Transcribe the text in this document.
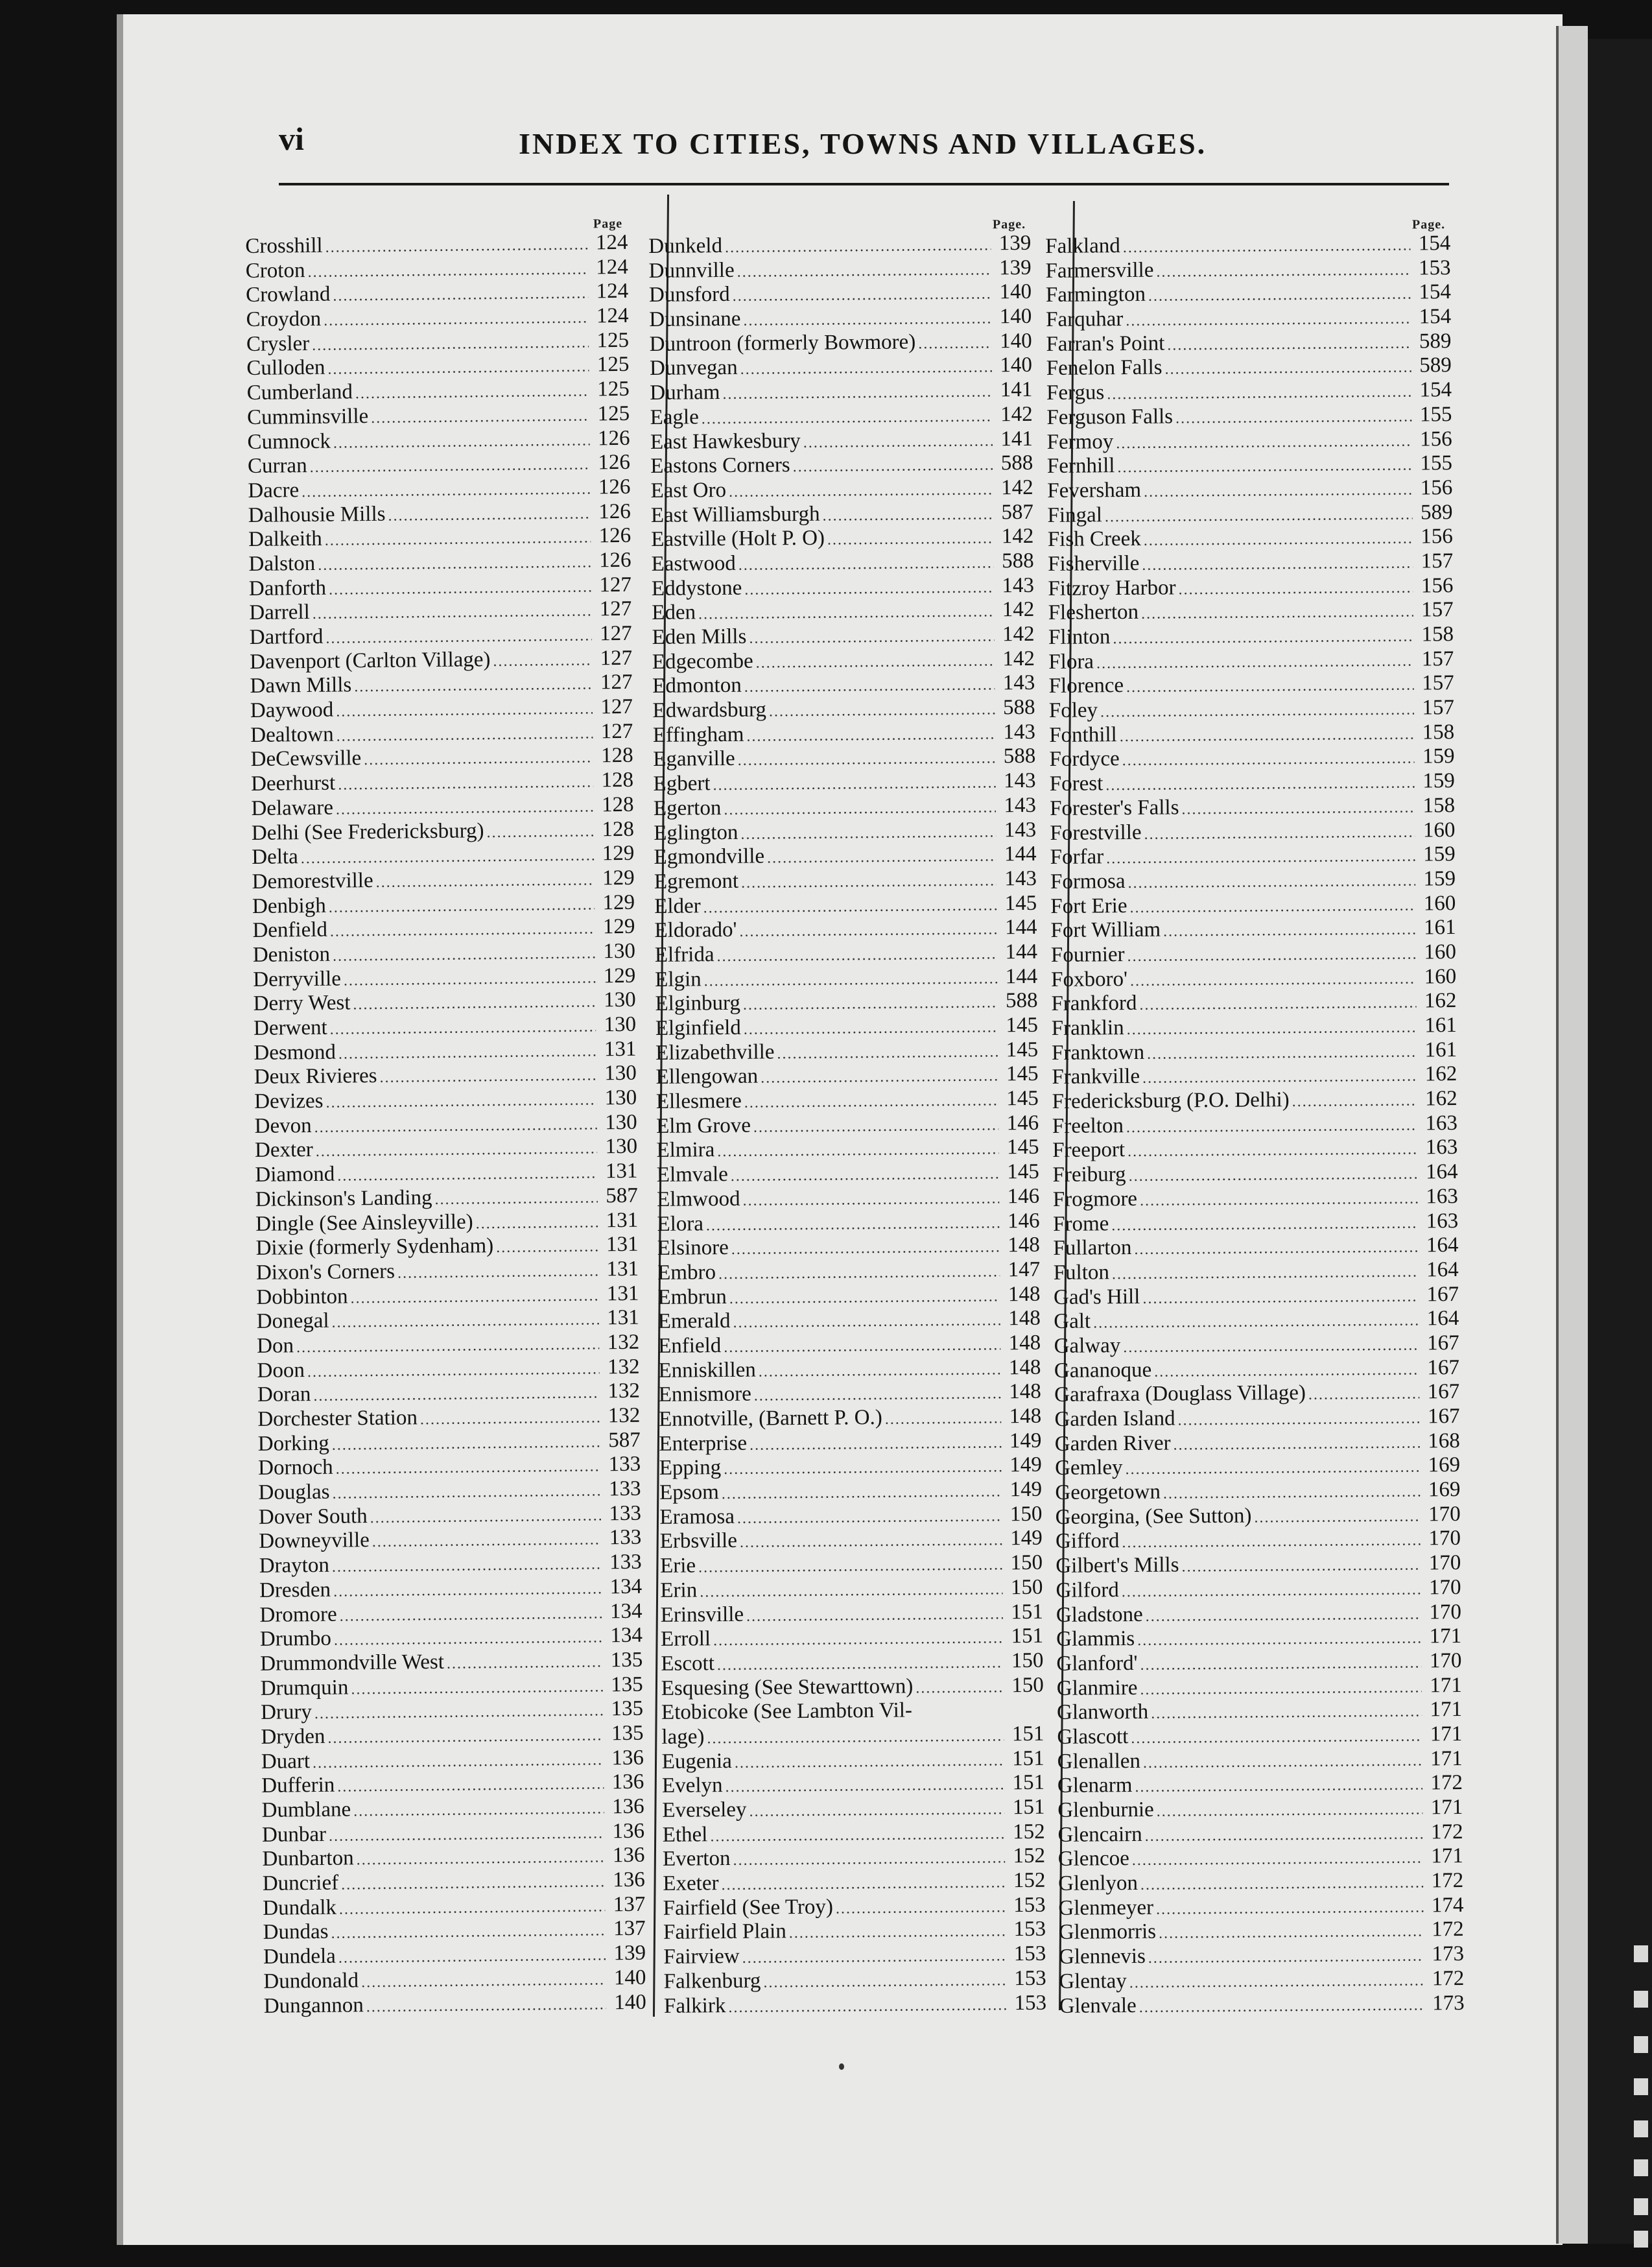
vi	INDEX TO CITIES, TOWNS AND VILLAGES.
Page
Crosshill .....	124
Croton .....	124
Crowland .....	124
Croydon .....	124
Crysler .....	125
Culloden .....	125
Cumberland .....	125
Cumminsville .....	125
Cumnock .....	126
Curran .....	126
Dacre .....	126
Dalhousie Mills .....	126
Dalkeith .....	126
Dalston .....	126
Danforth .....	127
Darrell .....	127
Dartford .....	127
Davenport (Carlton Village) .....	127
Dawn Mills .....	127
Daywood .....	127
Dealtown .....	127
DeCewsville .....	128
Deerhurst .....	128
Delaware .....	128
Delhi (See Fredericksburg) .....	128
Delta .....	129
Demorestville .....	129
Denbigh .....	129
Denfield .....	129
Deniston .....	130
Derryville .....	129
Derry West .....	130
Derwent .....	130
Desmond .....	131
Deux Rivieres .....	130
Devizes .....	130
Devon .....	130
Dexter .....	130
Diamond .....	131
Dickinson's Landing .....	587
Dingle (See Ainsleyville) .....	131
Dixie (formerly Sydenham) .....	131
Dixon's Corners .....	131
Dobbinton .....	131
Donegal .....	131
Don .....	132
Doon .....	132
Doran .....	132
Dorchester Station .....	132
Dorking .....	587
Dornoch .....	133
Douglas .....	133
Dover South .....	133
Downeyville .....	133
Drayton .....	133
Dresden .....	134
Dromore .....	134
Drumbo .....	134
Drummondville West .....	135
Drumquin .....	135
Drury .....	135
Dryden .....	135
Duart .....	136
Dufferin .....	136
Dumblane .....	136
Dunbar .....	136
Dunbarton .....	136
Duncrief .....	136
Dundalk .....	137
Dundas .....	137
Dundela .....	139
Dundonald .....	140
Dungannon .....	140
Page.
Dunkeld .....	139
Dunnville .....	139
Dunsford .....	140
Dunsinane .....	140
Duntroon (formerly Bowmore) .....	140
Dunvegan .....	140
Durham .....	141
Eagle .....	142
East Hawkesbury .....	141
Eastons Corners .....	588
East Oro .....	142
East Williamsburgh .....	587
Eastville (Holt P. O) .....	142
Eastwood .....	588
Eddystone .....	143
Eden .....	142
Eden Mills .....	142
Edgecombe .....	142
Edmonton .....	143
Edwardsburg .....	588
Effingham .....	143
Eganville .....	588
Egbert .....	143
Egerton .....	143
Eglington .....	143
Egmondville .....	144
Egremont .....	143
Elder .....	145
Eldorado' .....	144
Elfrida .....	144
Elgin .....	144
Elginburg .....	588
Elginfield .....	145
Elizabethville .....	145
Ellengowan .....	145
Ellesmere .....	145
Elm Grove .....	146
Elmira .....	145
Elmvale .....	145
Elmwood .....	146
Elora .....	146
Elsinore .....	148
Embro .....	147
Embrun .....	148
Emerald .....	148
Enfield .....	148
Enniskillen .....	148
Ennismore .....	148
Ennotville, (Barnett P. O.) .....	148
Enterprise .....	149
Epping .....	149
Epsom .....	149
Eramosa .....	150
Erbsville .....	149
Erie .....	150
Erin .....	150
Erinsville .....	151
Erroll .....	151
Escott .....	150
Esquesing (See Stewarttown) .....	150
Etobicoke (See Lambton Vil-
lage) .....	151
Eugenia .....	151
Evelyn .....	151
Everseley .....	151
Ethel .....	152
Everton .....	152
Exeter .....	152
Fairfield (See Troy) .....	153
Fairfield Plain .....	153
Fairview .....	153
Falkenburg .....	153
Falkirk .....	153
Page.
Falkland .....	154
Farmersville .....	153
Farmington .....	154
Farquhar .....	154
Farran's Point .....	589
Fenelon Falls .....	589
Fergus .....	154
Ferguson Falls .....	155
Fermoy .....	156
Fernhill .....	155
Feversham .....	156
Fingal .....	589
Fish Creek .....	156
Fisherville .....	157
Fitzroy Harbor .....	156
Flesherton .....	157
Flinton .....	158
Flora .....	157
Florence .....	157
Foley .....	157
Fonthill .....	158
Fordyce .....	159
Forest .....	159
Forester's Falls .....	158
Forestville .....	160
Forfar .....	159
Formosa .....	159
Fort Erie .....	160
Fort William .....	161
Fournier .....	160
Foxboro' .....	160
Frankford .....	162
Franklin .....	161
Franktown .....	161
Frankville .....	162
Fredericksburg (P.O. Delhi) .....	162
Freelton .....	163
Freeport .....	163
Freiburg .....	164
Frogmore .....	163
Frome .....	163
Fullarton .....	164
Fulton .....	164
Gad's Hill .....	167
Galt .....	164
Galway .....	167
Gananoque .....	167
Garafraxa (Douglass Village) .....	167
Garden Island .....	167
Garden River .....	168
Gemley .....	169
Georgetown .....	169
Georgina, (See Sutton) .....	170
Gifford .....	170
Gilbert's Mills .....	170
Gilford .....	170
Gladstone .....	170
Glammis .....	171
Glanford' .....	170
Glanmire .....	171
Glanworth .....	171
Glascott .....	171
Glenallen .....	171
Glenarm .....	172
Glenburnie .....	171
Glencairn .....	172
Glencoe .....	171
Glenlyon .....	172
Glenmeyer .....	174
Glenmorris .....	172
Glennevis .....	173
Glentay .....	172
Glenvale .....	173
